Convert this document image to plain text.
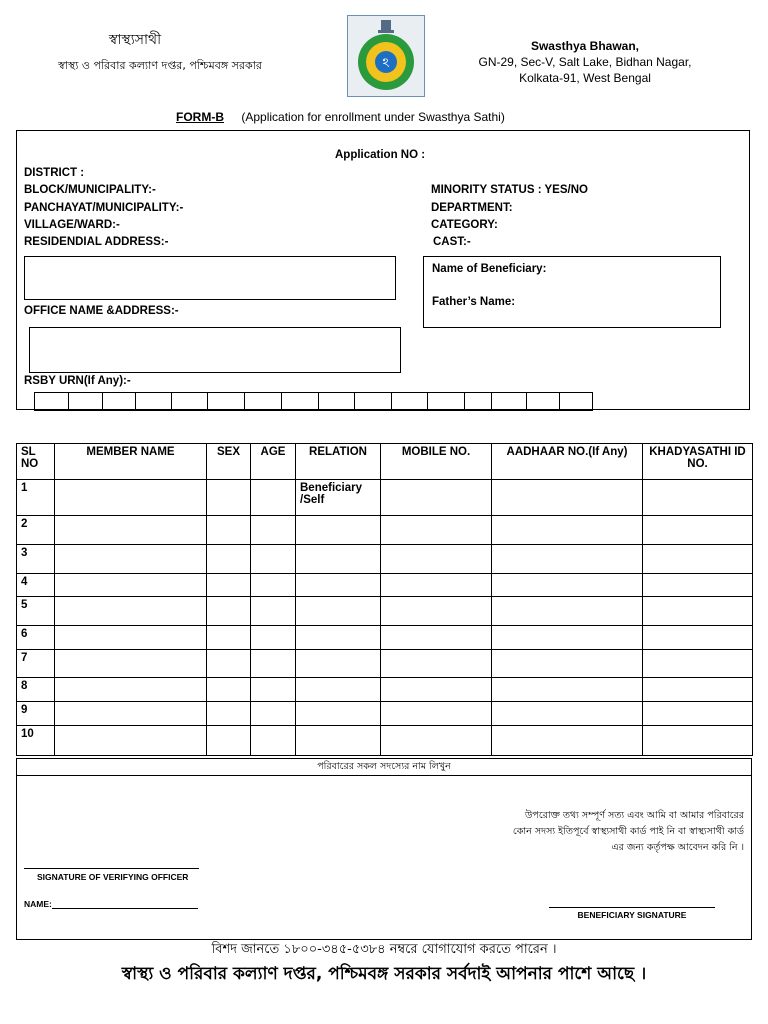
স্বাস্থ্যসাথী
স্বাস্থ্য ও পরিবার কল্যাণ দপ্তর, পশ্চিমবঙ্গ সরকার	ঽ
Swasthya Bhawan,
GN-29, Sec-V, Salt Lake, Bidhan Nagar,
Kolkata-91, West Bengal
FORM-B (Application for enrollment under Swasthya Sathi)
Application NO :
DISTRICT :
BLOCK/MUNICIPALITY:-
PANCHAYAT/MUNICIPALITY:-
VILLAGE/WARD:-
RESIDENDIAL ADDRESS:-
MINORITY STATUS : YES/NO
DEPARTMENT:
CATEGORY:
CAST:-
Name of Beneficiary:
Father’s Name:
OFFICE NAME &ADDRESS:-
RSBY URN(If Any):-
SL NO	MEMBER NAME	SEX	AGE	RELATION	MOBILE NO.	AADHAAR NO.(If Any)	KHADYASATHI ID NO.
1				Beneficiary /Self			
2							
3							
4							
5							
6							
7							
8							
9							
10							
পরিবারের সকল সদস্যের নাম লিখুন
উপরোক্ত তথ্য সম্পূর্ণ সত্য এবং আমি বা আমার পরিবারের
কোন সদস্য ইতিপূর্বে স্বাস্থ্যসাথী কার্ড পাই নি বা স্বাস্থ্যসাথী কার্ড
এর জন্য কর্তৃপক্ষ আবেদন করি নি ।
SIGNATURE OF VERIFYING OFFICER
NAME:
BENEFICIARY SIGNATURE
বিশদ জানতে ১৮০০-৩৪৫-৫৩৮৪ নম্বরে যোগাযোগ করতে পারেন ।
স্বাস্থ্য ও পরিবার কল্যাণ দপ্তর, পশ্চিমবঙ্গ সরকার সর্বদাই আপনার পাশে আছে ।
